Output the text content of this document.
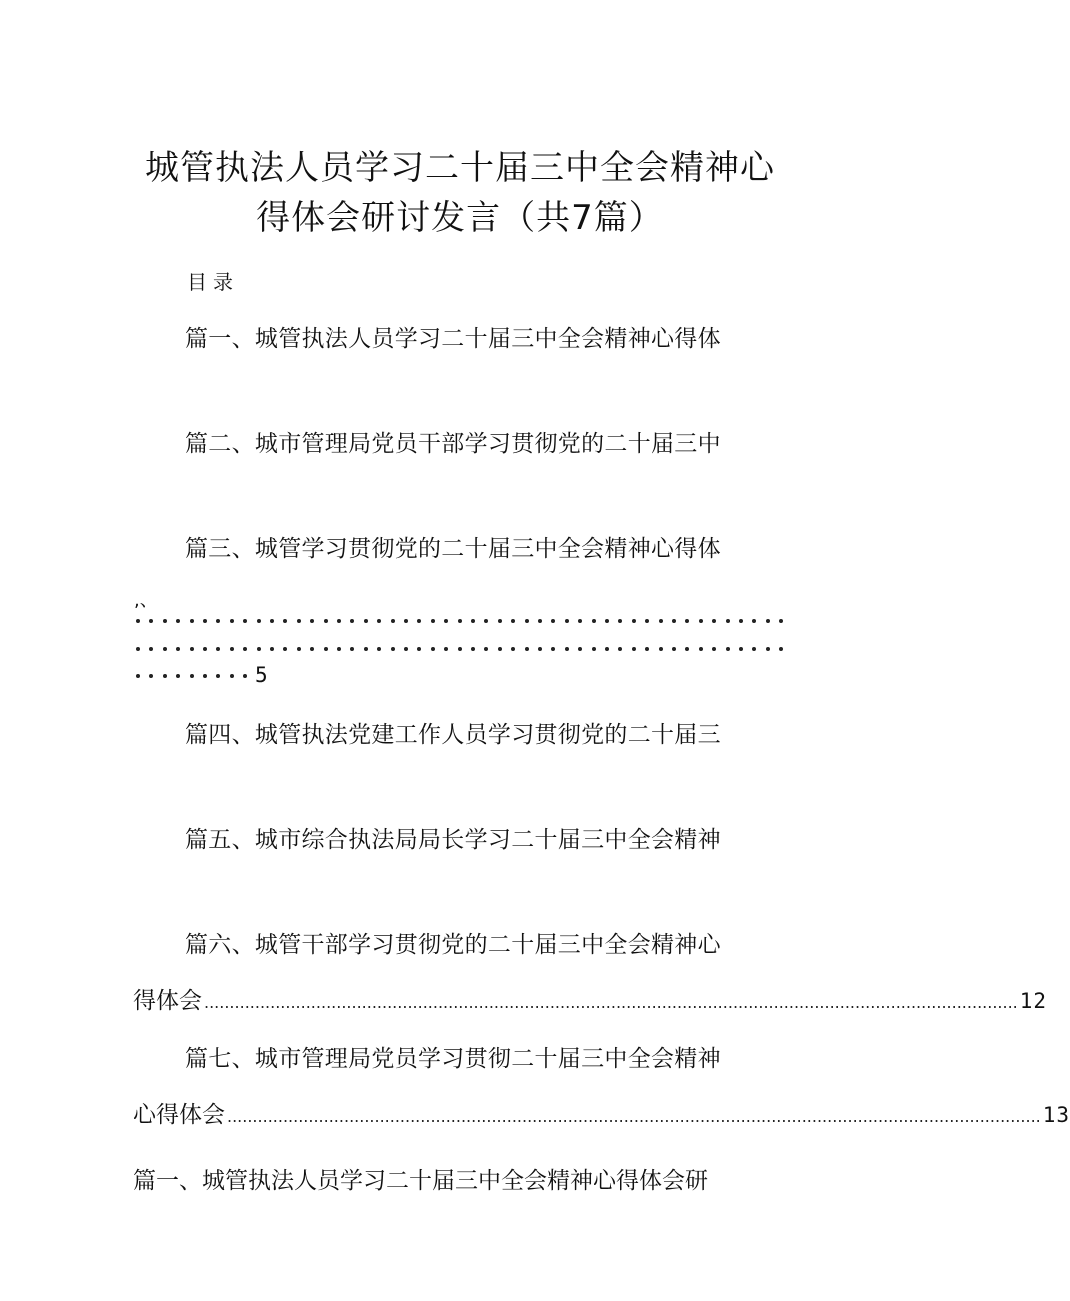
城管执法人员学习二十届三中全会精神心
得体会研讨发言（共7篇）
目录
篇一、城管执法人员学习二十届三中全会精神心得体
篇二、城市管理局党员干部学习贯彻党的二十届三中
篇三、城管学习贯彻党的二十届三中全会精神心得体
,、
5
篇四、城管执法党建工作人员学习贯彻党的二十届三
篇五、城市综合执法局局长学习二十届三中全会精神
篇六、城管干部学习贯彻党的二十届三中全会精神心
得体会 ................................................................................................................................................................ 12
篇七、城市管理局党员学习贯彻二十届三中全会精神
心得体会 ................................................................................................................................................................ 13
篇一、城管执法人员学习二十届三中全会精神心得体会研
